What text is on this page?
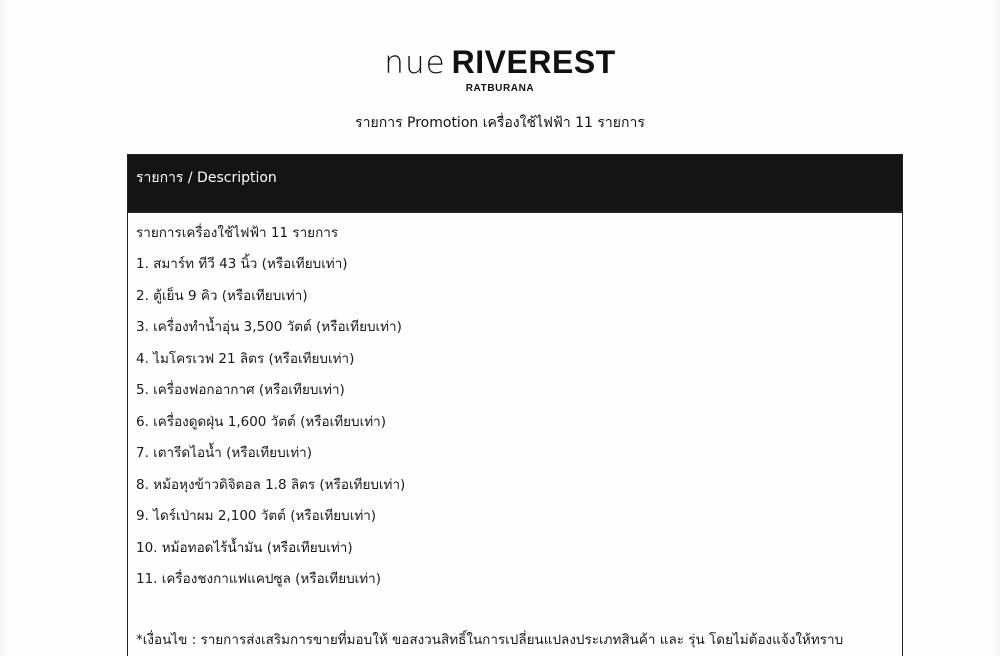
nue RIVEREST
RATBURANA
รายการ Promotion เครื่องใช้ไฟฟ้า 11 รายการ
รายการ / Description
รายการเครื่องใช้ไฟฟ้า 11 รายการ
1. สมาร์ท ทีวี 43 นิ้ว (หรือเทียบเท่า)
2. ตู้เย็น 9 คิว (หรือเทียบเท่า)
3. เครื่องทำน้ำอุ่น 3,500 วัตต์ (หรือเทียบเท่า)
4. ไมโครเวฟ 21 ลิตร (หรือเทียบเท่า)
5. เครื่องฟอกอากาศ (หรือเทียบเท่า)
6. เครื่องดูดฝุ่น 1,600 วัตต์ (หรือเทียบเท่า)
7. เตารีดไอน้ำ (หรือเทียบเท่า)
8. หม้อหุงข้าวดิจิตอล 1.8 ลิตร (หรือเทียบเท่า)
9. ไดร์เป่าผม 2,100 วัตต์ (หรือเทียบเท่า)
10. หม้อทอดไร้น้ำมัน (หรือเทียบเท่า)
11. เครื่องชงกาแฟแคปซูล (หรือเทียบเท่า)
*เงื่อนไข : รายการส่งเสริมการขายที่มอบให้ ขอสงวนสิทธิ์ในการเปลี่ยนแปลงประเภทสินค้า และ รุ่น โดยไม่ต้องแจ้งให้ทราบ
